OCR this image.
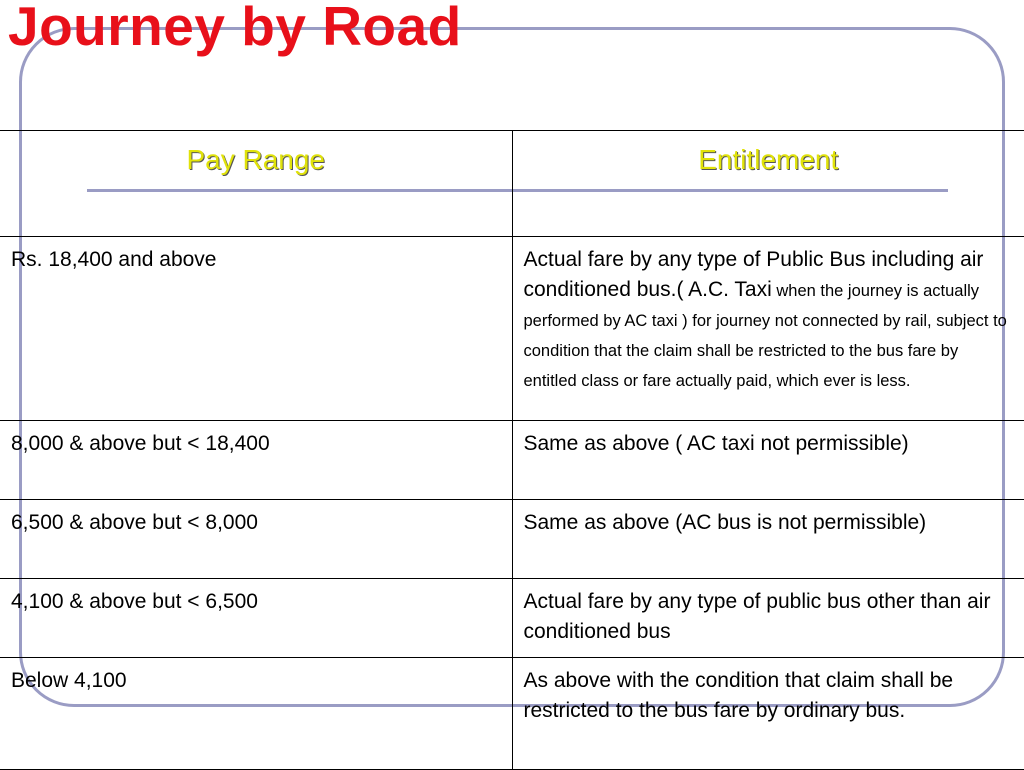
Journey by Road
Pay Range	Entitlement

Rs. 18,400 and above	Actual fare by any type of Public Bus including air conditioned bus.( A.C. Taxi when the journey is actually performed by AC taxi ) for journey not connected by rail, subject to condition that the claim shall be restricted to the bus fare by entitled class or fare actually paid, which ever is less.
8,000 & above but < 18,400	Same as above ( AC taxi not permissible)
6,500 & above but < 8,000	Same as above (AC bus is not permissible)
4,100 & above but < 6,500	Actual fare by any type of public bus other than air conditioned bus
Below 4,100	As above with the condition that claim shall be restricted to the bus fare by ordinary bus.
